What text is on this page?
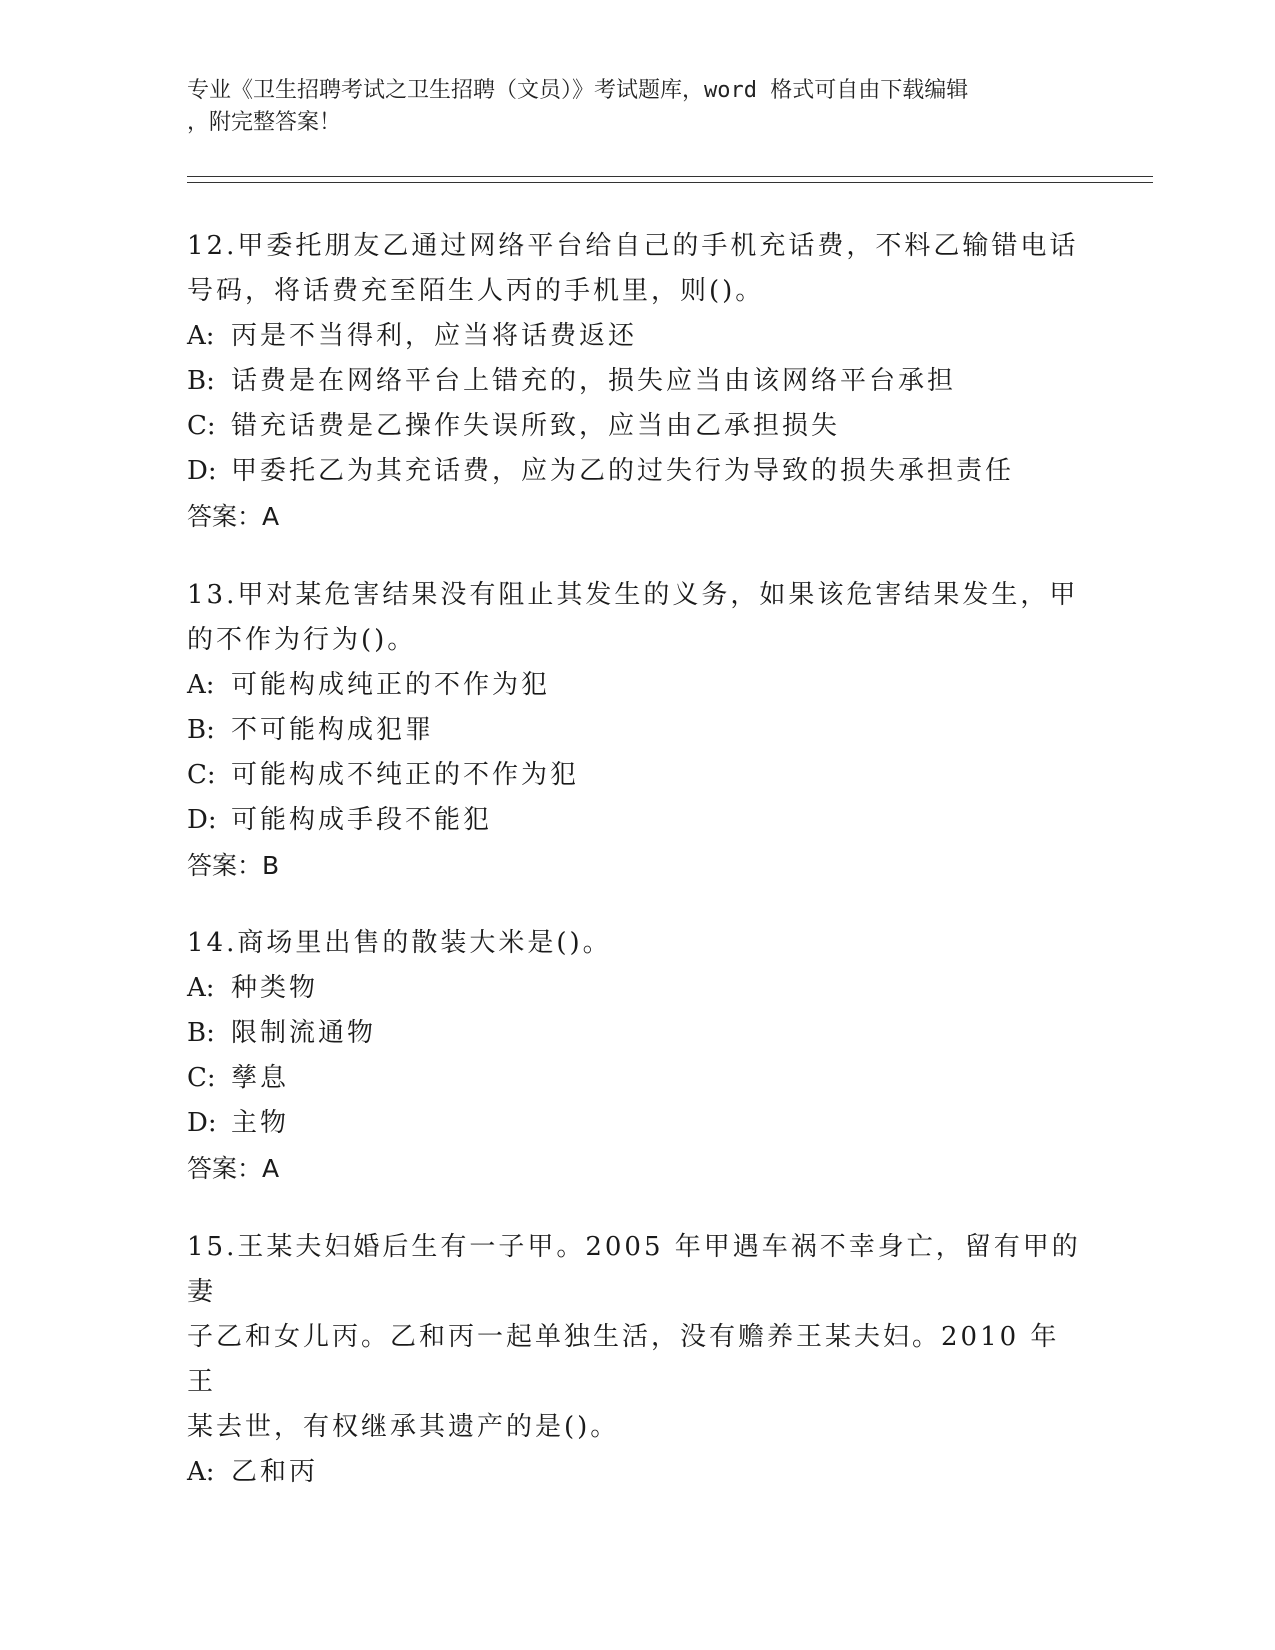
专业《卫生招聘考试之卫生招聘（文员）》考试题库，word 格式可自由下载编辑
，附完整答案！
12.甲委托朋友乙通过网络平台给自己的手机充话费，不料乙输错电话
号码，将话费充至陌生人丙的手机里，则()。
A: 丙是不当得利，应当将话费返还
B: 话费是在网络平台上错充的，损失应当由该网络平台承担
C: 错充话费是乙操作失误所致，应当由乙承担损失
D: 甲委托乙为其充话费，应为乙的过失行为导致的损失承担责任
答案：A
13.甲对某危害结果没有阻止其发生的义务，如果该危害结果发生，甲
的不作为行为()。
A: 可能构成纯正的不作为犯
B: 不可能构成犯罪
C: 可能构成不纯正的不作为犯
D: 可能构成手段不能犯
答案：B
14.商场里出售的散装大米是()。
A: 种类物
B: 限制流通物
C: 孳息
D: 主物
答案：A
15.王某夫妇婚后生有一子甲。2005 年甲遇车祸不幸身亡，留有甲的妻
子乙和女儿丙。乙和丙一起单独生活，没有赡养王某夫妇。2010 年王
某去世，有权继承其遗产的是()。
A: 乙和丙
